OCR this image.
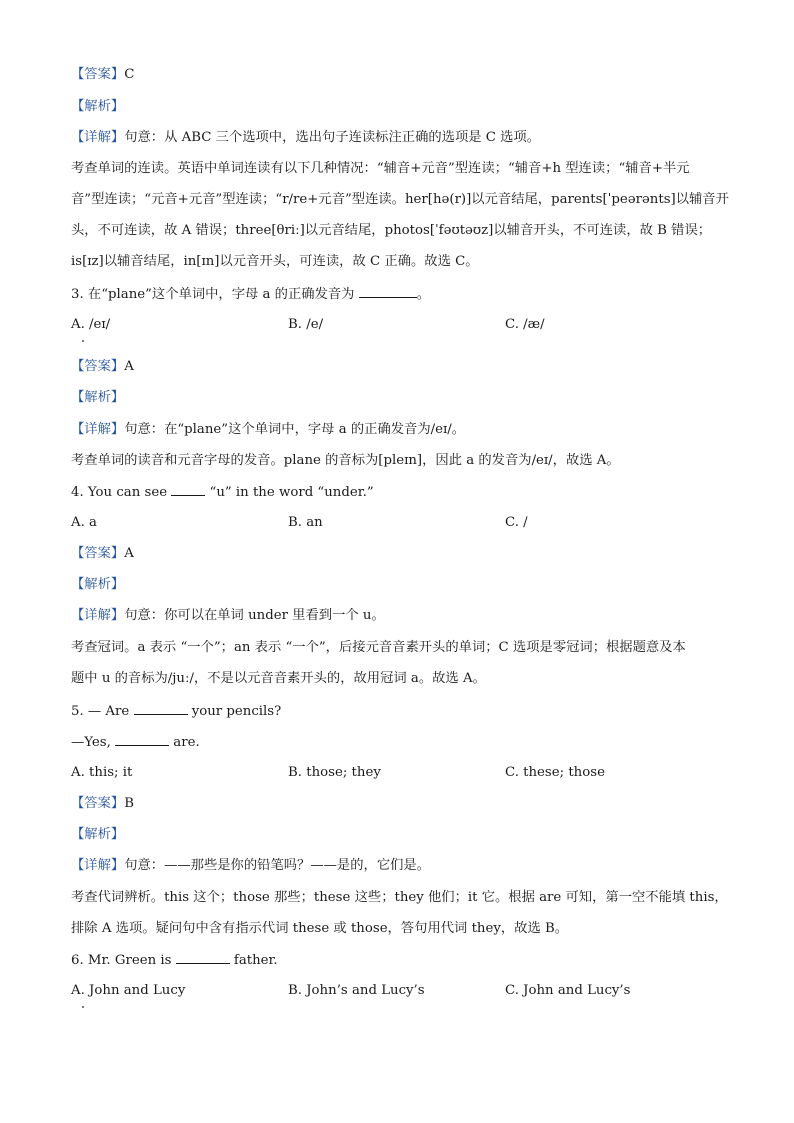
【答案】C
【解析】
【详解】句意：从 ABC 三个选项中，选出句子连读标注正确的选项是 C 选项。
考查单词的连读。英语中单词连读有以下几种情况：“辅音+元音”型连读；“辅音+h 型连读；“辅音+半元
音”型连读；“元音+元音”型连读；“r/re+元音”型连读。her[hə(r)]以元音结尾，parents[ˈpeərənts]以辅音开
头，不可连读，故 A 错误；three[θriː]以元音结尾，photos[ˈfəʊtəʊz]以辅音开头，不可连读，故 B 错误；
is[ɪz]以辅音结尾，in[ɪn]以元音开头，可连读，故 C 正确。故选 C。
3. 在“plane”这个单词中，字母 a 的正确发音为	。
A. /eɪ/	B. /e/	C. /æ/
【答案】A
【解析】
【详解】句意：在“plane”这个单词中，字母 a 的正确发音为/eɪ/。
考查单词的读音和元音字母的发音。plane 的音标为[pleɪn]，因此 a 的发音为/eɪ/，故选 A。
4. You can see	“u” in the word “under.”
A. a	B. an	C. /
【答案】A
【解析】
【详解】句意：你可以在单词 under 里看到一个 u。
考查冠词。a 表示 “一个”；an 表示 “一个”，后接元音音素开头的单词；C 选项是零冠词；根据题意及本
题中 u 的音标为/juː/，不是以元音音素开头的，故用冠词 a。故选 A。
5. — Are	your pencils?
—Yes,	are.
A. this; it	B. those; they	C. these; those
【答案】B
【解析】
【详解】句意：——那些是你的铅笔吗？——是的，它们是。
考查代词辨析。this 这个；those 那些；these 这些；they 他们；it 它。根据 are 可知，第一空不能填 this，
排除 A 选项。疑问句中含有指示代词 these 或 those，答句用代词 they，故选 B。
6. Mr. Green is	father.
A. John and Lucy	B. John’s and Lucy’s	C. John and Lucy’s
